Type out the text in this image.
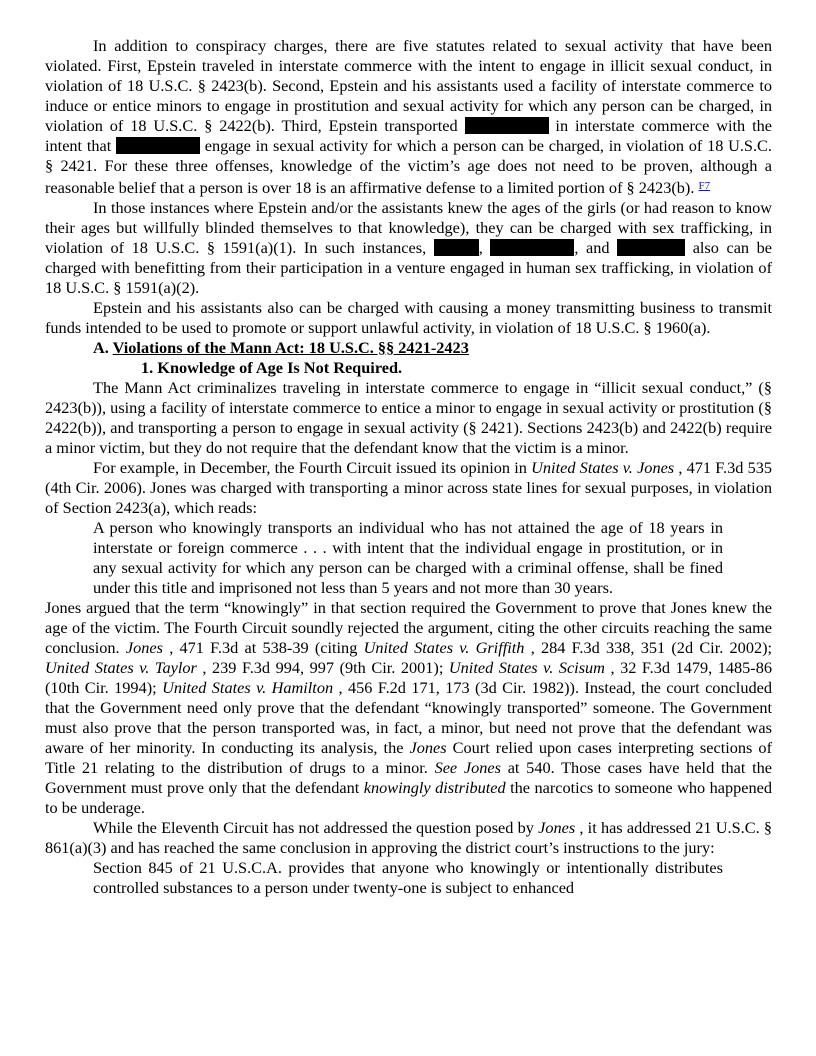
In addition to conspiracy charges, there are five statutes related to sexual activity that have been violated. First, Epstein traveled in interstate commerce with the intent to engage in illicit sexual conduct, in violation of 18 U.S.C. § 2423(b). Second, Epstein and his assistants used a facility of interstate commerce to induce or entice minors to engage in prostitution and sexual activity for which any person can be charged, in violation of 18 U.S.C. § 2422(b). Third, Epstein transported	in interstate commerce with the intent that	engage in sexual activity for which a person can be charged, in violation of 18 U.S.C. § 2421. For these three offenses, knowledge of the victim’s age does not need to be proven, although a reasonable belief that a person is over 18 is an affirmative defense to a limited portion of § 2423(b). $^{F7}$

In those instances where Epstein and/or the assistants knew the ages of the girls (or had reason to know their ages but willfully blinded themselves to that knowledge), they can be charged with sex trafficking, in violation of 18 U.S.C. § 1591(a)(1). In such instances,	,	, and	also can be charged with benefitting from their participation in a venture engaged in human sex trafficking, in violation of 18 U.S.C. § 1591(a)(2).

Epstein and his assistants also can be charged with causing a money transmitting business to transmit funds intended to be used to promote or support unlawful activity, in violation of 18 U.S.C. § 1960(a).

A. Violations of the Mann Act: 18 U.S.C. §§ 2421-2423
1. Knowledge of Age Is Not Required.

The Mann Act criminalizes traveling in interstate commerce to engage in “illicit sexual conduct,” (§ 2423(b)), using a facility of interstate commerce to entice a minor to engage in sexual activity or prostitution (§ 2422(b)), and transporting a person to engage in sexual activity (§ 2421). Sections 2423(b) and 2422(b) require a minor victim, but they do not require that the defendant know that the victim is a minor.

For example, in December, the Fourth Circuit issued its opinion in United States v. Jones , 471 F.3d 535 (4th Cir. 2006). Jones was charged with transporting a minor across state lines for sexual purposes, in violation of Section 2423(a), which reads:

A person who knowingly transports an individual who has not attained the age of 18 years in interstate or foreign commerce . . . with intent that the individual engage in prostitution, or in any sexual activity for which any person can be charged with a criminal offense, shall be fined under this title and imprisoned not less than 5 years and not more than 30 years.

Jones argued that the term “knowingly” in that section required the Government to prove that Jones knew the age of the victim. The Fourth Circuit soundly rejected the argument, citing the other circuits reaching the same conclusion. Jones , 471 F.3d at 538-39 (citing United States v. Griffith , 284 F.3d 338, 351 (2d Cir. 2002); United States v. Taylor , 239 F.3d 994, 997 (9th Cir. 2001); United States v. Scisum , 32 F.3d 1479, 1485-86 (10th Cir. 1994); United States v. Hamilton , 456 F.2d 171, 173 (3d Cir. 1982)). Instead, the court concluded that the Government need only prove that the defendant “knowingly transported” someone. The Government must also prove that the person transported was, in fact, a minor, but need not prove that the defendant was aware of her minority. In conducting its analysis, the Jones Court relied upon cases interpreting sections of Title 21 relating to the distribution of drugs to a minor. See Jones at 540. Those cases have held that the Government must prove only that the defendant knowingly distributed the narcotics to someone who happened to be underage.

While the Eleventh Circuit has not addressed the question posed by Jones , it has addressed 21 U.S.C. § 861(a)(3) and has reached the same conclusion in approving the district court’s instructions to the jury:

Section 845 of 21 U.S.C.A. provides that anyone who knowingly or intentionally distributes controlled substances to a person under twenty-one is subject to enhanced
